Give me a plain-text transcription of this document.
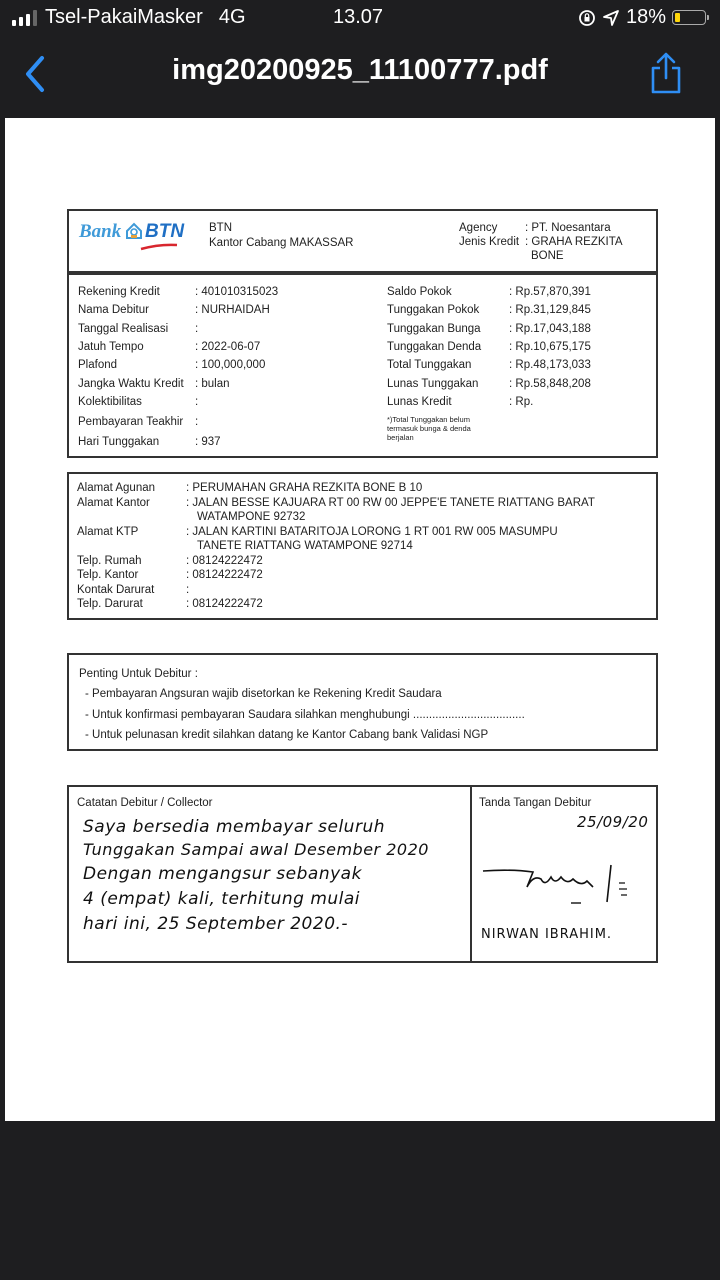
Tsel-PakaiMasker 4G	13.07	18%
img20200925_11100777.pdf
Bank BTN BTN
Kantor Cabang MAKASSAR
Agency : PT. Noesantara
Jenis Kredit : GRAHA REZKITA
BONE
*)Total Tunggakan belum
termasuk bunga & denda
berjalan
Rekening Kredit	: 401010315023
Nama Debitur	: NURHAIDAH
Tanggal Realisasi :
Jatuh Tempo	: 2022-06-07
Plafond	: 100,000,000
Jangka Waktu Kredit : bulan
Kolektibilitas	:
Pembayaran Teakhir :
Hari Tunggakan	: 937
Saldo Pokok	: Rp.57,870,391
Tunggakan Pokok	: Rp.31,129,845
Tunggakan Bunga : Rp.17,043,188
Tunggakan Denda : Rp.10,675,175
Total Tunggakan	: Rp.48,173,033
Lunas Tunggakan	: Rp.58,848,208
Lunas Kredit	: Rp.
Alamat Agunan	: PERUMAHAN GRAHA REZKITA BONE B 10
Alamat Kantor	: JALAN BESSE KAJUARA RT 00 RW 00 JEPPE'E TANETE RIATTANG BARAT
WATAMPONE 92732
Alamat KTP	: JALAN KARTINI BATARITOJA LORONG 1 RT 001 RW 005 MASUMPU
TANETE RIATTANG WATAMPONE 92714
Telp. Rumah	: 08124222472
Telp. Kantor	: 08124222472
Kontak Darurat	:
Telp. Darurat	: 08124222472
Penting Untuk Debitur :
- Pembayaran Angsuran wajib disetorkan ke Rekening Kredit Saudara
- Untuk konfirmasi pembayaran Saudara silahkan menghubungi ...................................
- Untuk pelunasan kredit silahkan datang ke Kantor Cabang bank Validasi NGP
Catatan Debitur / Collector
Saya bersedia membayar seluruh
Tunggakan Sampai awal Desember 2020
Dengan mengangsur sebanyak
4 (empat) kali, terhitung mulai
hari ini, 25 September 2020.-
Tanda Tangan Debitur
25/09/20
NIRWAN IBRAHIM.
